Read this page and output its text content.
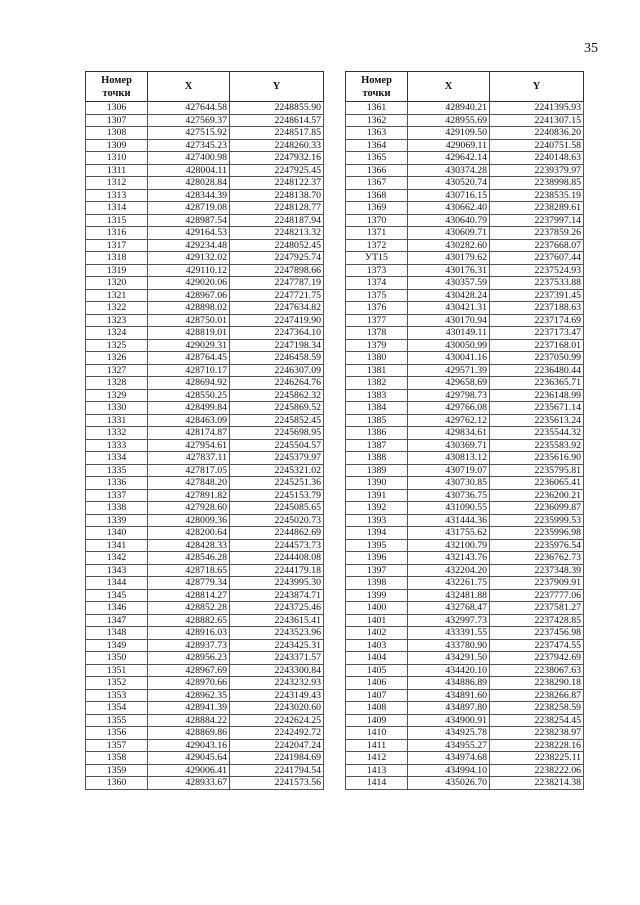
35
Номер точки	X	Y
1306	427644.58	2248855.90
1307	427569.37	2248614.57
1308	427515.92	2248517.85
1309	427345.23	2248260.33
1310	427400.98	2247932.16
1311	428004.11	2247925.45
1312	428028.84	2248122.37
1313	428344.39	2248138.70
1314	428719.08	2248128.77
1315	428987.54	2248187.94
1316	429164.53	2248213.32
1317	429234.48	2248052.45
1318	429132.02	2247925.74
1319	429110.12	2247898.66
1320	429020.06	2247787.19
1321	428967.06	2247721.75
1322	428898.02	2247634.82
1323	428750.01	2247419.90
1324	428819.01	2247364.10
1325	429029.31	2247198.34
1326	428764.45	2246458.59
1327	428710.17	2246307.09
1328	428694.92	2246264.76
1329	428550.25	2245862.32
1330	428499.84	2245869.52
1331	428463.09	2245852.45
1332	428174.87	2245698.95
1333	427954.61	2245504.57
1334	427837.11	2245379.97
1335	427817.05	2245321.02
1336	427848.20	2245251.36
1337	427891.82	2245153.79
1338	427928.60	2245085.65
1339	428009.36	2245020.73
1340	428200.64	2244862.69
1341	428428.33	2244573.73
1342	428546.28	2244408.08
1343	428718.65	2244179.18
1344	428779.34	2243995.30
1345	428814.27	2243874.71
1346	428852.28	2243725.46
1347	428882.65	2243615.41
1348	428916.03	2243523.96
1349	428937.73	2243425.31
1350	428956.23	2243371.57
1351	428967.69	2243300.84
1352	428970.66	2243232.93
1353	428962.35	2243149.43
1354	428941.39	2243020.60
1355	428884.22	2242624.25
1356	428869.86	2242492.72
1357	429043.16	2242047.24
1358	429045.64	2241984.69
1359	429006.41	2241794.54
1360	428933.67	2241573.56
Номер точки	X	Y
1361	428940.21	2241395.93
1362	428955.69	2241307.15
1363	429109.50	2240836.20
1364	429069.11	2240751.58
1365	429642.14	2240148.63
1366	430374.28	2239379.97
1367	430520.74	2238998.85
1368	430716.15	2238535.19
1369	430662.40	2238289.61
1370	430640.79	2237997.14
1371	430609.71	2237859.26
1372	430282.60	2237668.07
УТ15	430179.62	2237607.44
1373	430176.31	2237524.93
1374	430357.59	2237533.88
1375	430428.24	2237391.45
1376	430421.31	2237188.63
1377	430170.94	2237174.69
1378	430149.11	2237173.47
1379	430050.99	2237168.01
1380	430041.16	2237050.99
1381	429571.39	2236480.44
1382	429658.69	2236365.71
1383	429798.73	2236148.99
1384	429766.08	2235671.14
1385	429762.12	2235613.24
1386	429834.61	2235544.32
1387	430369.71	2235583.92
1388	430813.12	2235616.90
1389	430719.07	2235795.81
1390	430730.85	2236065.41
1391	430736.75	2236200.21
1392	431090.55	2236099.87
1393	431444.36	2235999.53
1394	431755.62	2235996.98
1395	432100.79	2235976.54
1396	432143.76	2236762.73
1397	432204.20	2237348.39
1398	432261.75	2237909.91
1399	432481.88	2237777.06
1400	432768.47	2237581.27
1401	432997.73	2237428.85
1402	433391.55	2237456.98
1403	433780.90	2237474.55
1404	434291.50	2237942.69
1405	434420.10	2238067.63
1406	434886.89	2238290.18
1407	434891.60	2238266.87
1408	434897.80	2238258.59
1409	434900.91	2238254.45
1410	434925.78	2238238.97
1411	434955.27	2238228.16
1412	434974.68	2238225.11
1413	434994.10	2238222.06
1414	435026.70	2238214.38
